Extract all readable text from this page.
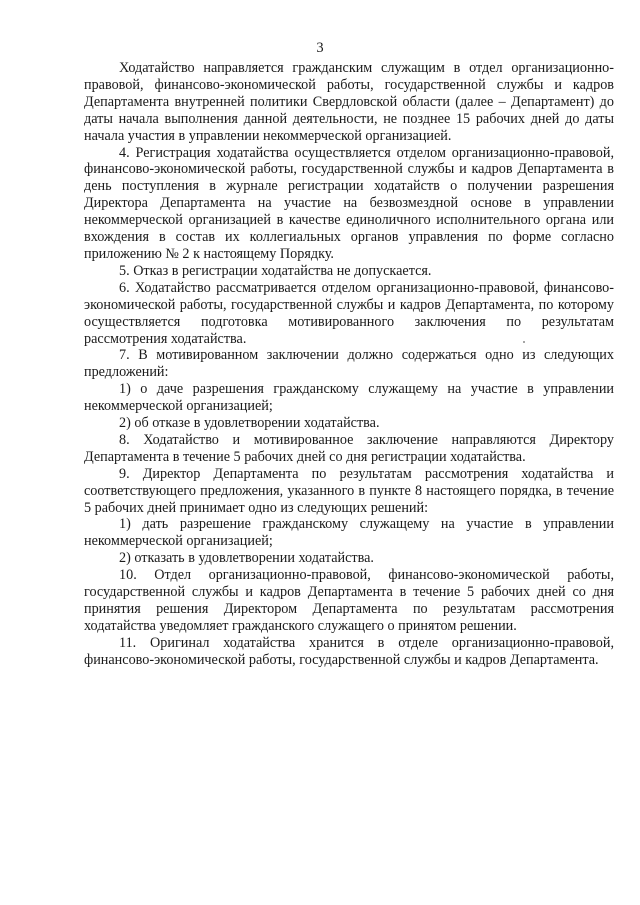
3

Ходатайство направляется гражданским служащим в отдел организационно-правовой, финансово-экономической работы, государственной службы и кадров Департамента внутренней политики Свердловской области (далее – Департамент) до даты начала выполнения данной деятельности, не позднее 15 рабочих дней до даты начала участия в управлении некоммерческой организацией.

4. Регистрация ходатайства осуществляется отделом организационно-правовой, финансово-экономической работы, государственной службы и кадров Департамента в день поступления в журнале регистрации ходатайств о получении разрешения Директора Департамента на участие на безвозмездной основе в управлении некоммерческой организацией в качестве единоличного исполнительного органа или вхождения в состав их коллегиальных органов управления по форме согласно приложению № 2 к настоящему Порядку.

5. Отказ в регистрации ходатайства не допускается.

6. Ходатайство рассматривается отделом организационно-правовой, финансово-экономической работы, государственной службы и кадров Департамента, по которому осуществляется подготовка мотивированного заключения по результатам рассмотрения ходатайства.

7. В мотивированном заключении должно содержаться одно из следующих предложений:

1) о даче разрешения гражданскому служащему на участие в управлении некоммерческой организацией;

2) об отказе в удовлетворении ходатайства.

8. Ходатайство и мотивированное заключение направляются Директору Департамента в течение 5 рабочих дней со дня регистрации ходатайства.

9. Директор Департамента по результатам рассмотрения ходатайства и соответствующего предложения, указанного в пункте 8 настоящего порядка, в течение 5 рабочих дней принимает одно из следующих решений:

1) дать разрешение гражданскому служащему на участие в управлении некоммерческой организацией;

2) отказать в удовлетворении ходатайства.

10. Отдел организационно-правовой, финансово-экономической работы, государственной службы и кадров Департамента в течение 5 рабочих дней со дня принятия решения Директором Департамента по результатам рассмотрения ходатайства уведомляет гражданского служащего о принятом решении.

11. Оригинал ходатайства хранится в отделе организационно-правовой, финансово-экономической работы, государственной службы и кадров Департамента.
